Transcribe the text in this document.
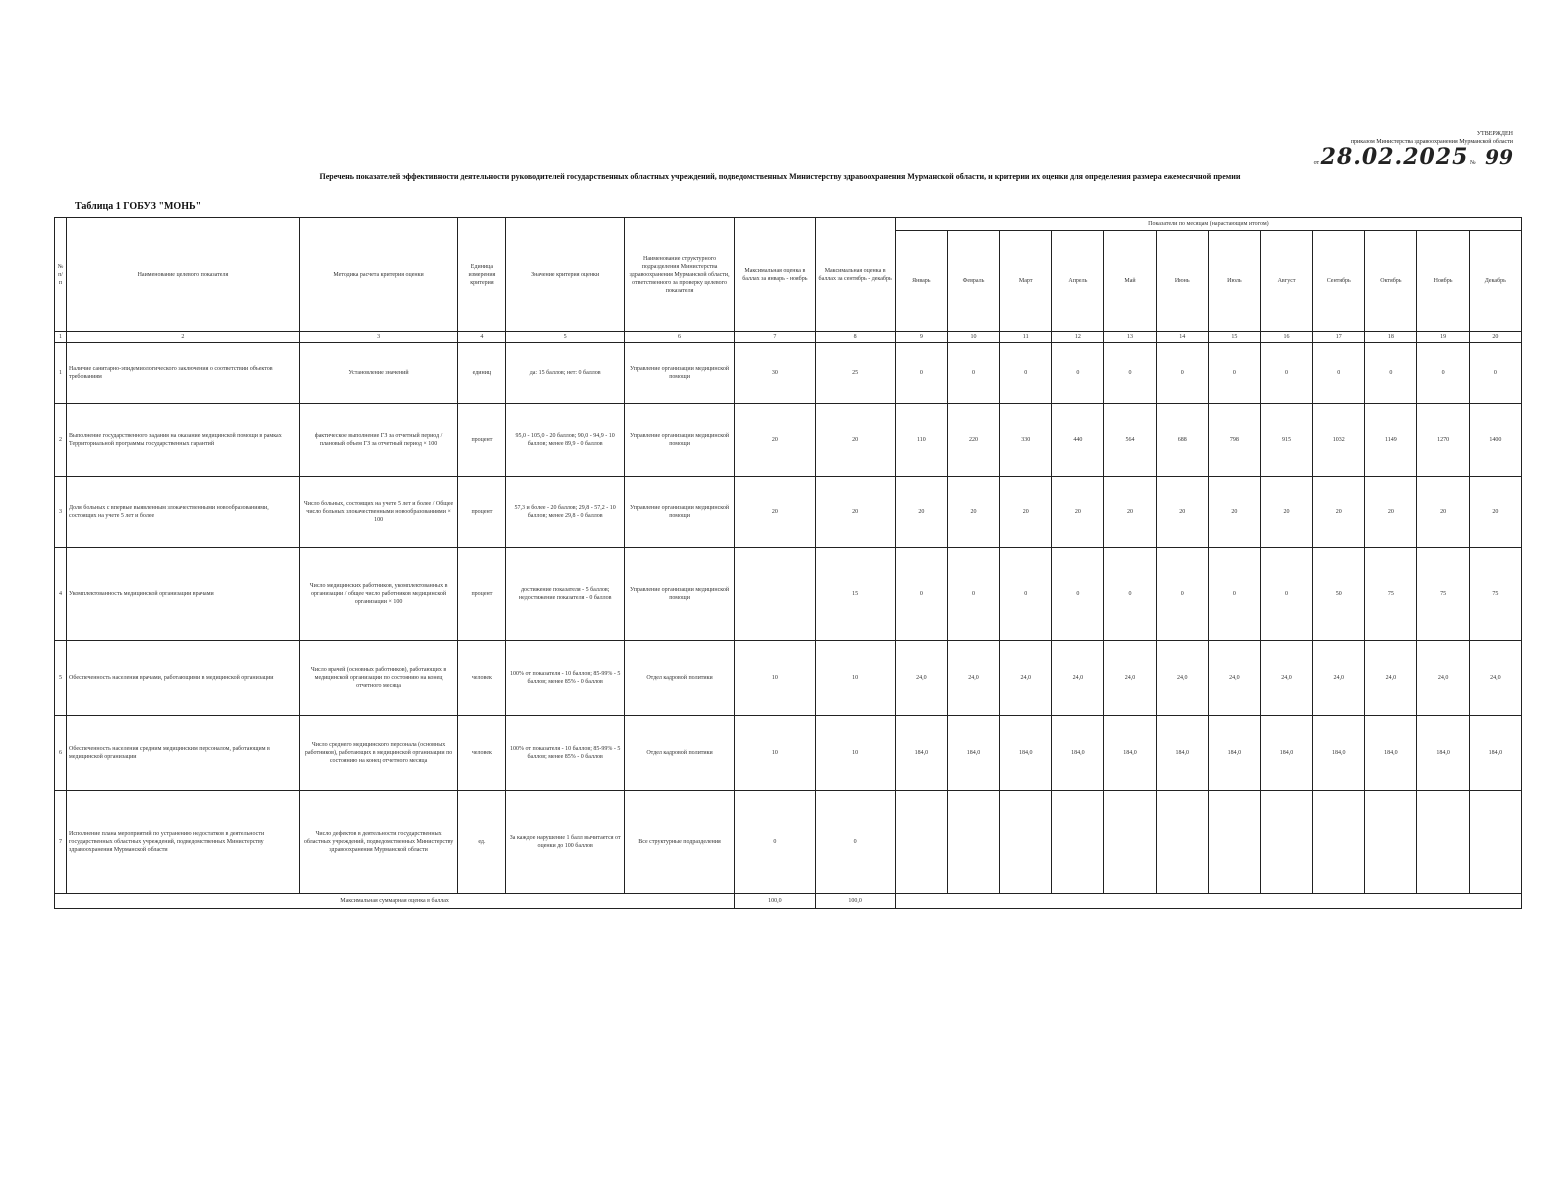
УТВЕРЖДЕН
приказом Министерства здравоохранения Мурманской области
от 28.02.2025 № 99
Перечень показателей эффективности деятельности руководителей государственных областных учреждений, подведомственных Министерству здравоохранения Мурманской области, и критерии их оценки для определения размера ежемесячной премии
Таблица 1 ГОБУЗ "МОНЬ"
№ п/п	Наименование целевого показателя	Методика расчета критерия оценки	Единица измерения критерия	Значение критерия оценки	Наименование структурного подразделения Министерства здравоохранения Мурманской области, ответственного за проверку целевого показателя	Максимальная оценка в баллах за январь - ноябрь	Максимальная оценка в баллах за сентябрь - декабрь	Показатели по месяцам (нарастающим итогом)											
								Январь	Февраль	Март	Апрель	Май	Июнь	Июль	Август	Сентябрь	Октябрь	Ноябрь	Декабрь
1	2	3	4	5	6	7	8	9	10	11	12	13	14	15	16	17	18	19	20
1	Наличие санитарно-эпидемиологического заключения о соответствии объектов требованиям	Установление значений	единиц	да: 15 баллов; нет: 0 баллов	Управление организации медицинской помощи	30	25	0	0	0	0	0	0	0	0	0	0	0	0
2	Выполнение государственного задания на оказание медицинской помощи в рамках Территориальной программы государственных гарантий	фактическое выполнение ГЗ за отчетный период / плановый объем ГЗ за отчетный период × 100	процент	95,0 - 105,0 - 20 баллов; 90,0 - 94,9 - 10 баллов; менее 89,9 - 0 баллов	Управление организации медицинской помощи	20	20	110	220	330	440	564	688	798	915	1032	1149	1270	1400
3	Доля больных с впервые выявленным злокачественными новообразованиями, состоящих на учете 5 лет и более	Число больных, состоящих на учете 5 лет и более / Общее число больных злокачественными новообразованиями × 100	процент	57,3 и более - 20 баллов; 29,8 - 57,2 - 10 баллов; менее 29,8 - 0 баллов	Управление организации медицинской помощи	20	20	20	20	20	20	20	20	20	20	20	20	20	20
4	Укомплектованность медицинской организации врачами	Число медицинских работников, укомплектованных в организации / общее число работников медицинской организации × 100	процент	достижение показателя - 5 баллов; недостижение показателя - 0 баллов	Управление организации медицинской помощи		15	0	0	0	0	0	0	0	0	50	75	75	75
5	Обеспеченность населения врачами, работающими в медицинской организации	Число врачей (основных работников), работающих в медицинской организации по состоянию на конец отчетного месяца	человек	100% от показателя - 10 баллов; 85-99% - 5 баллов; менее 85% - 0 баллов	Отдел кадровой политики	10	10	24,0	24,0	24,0	24,0	24,0	24,0	24,0	24,0	24,0	24,0	24,0	24,0
6	Обеспеченность населения средним медицинским персоналом, работающим в медицинской организации	Число среднего медицинского персонала (основных работников), работающих в медицинской организации по состоянию на конец отчетного месяца	человек	100% от показателя - 10 баллов; 85-99% - 5 баллов; менее 85% - 0 баллов	Отдел кадровой политики	10	10	184,0	184,0	184,0	184,0	184,0	184,0	184,0	184,0	184,0	184,0	184,0	184,0
7	Исполнение плана мероприятий по устранению недостатков в деятельности государственных областных учреждений, подведомственных Министерству здравоохранения Мурманской области	Число дефектов в деятельности государственных областных учреждений, подведомственных Министерству здравоохранения Мурманской области	ед.	За каждое нарушение 1 балл вычитается от оценки до 100 баллов	Все структурные подразделения	0	0												
Максимальная суммарная оценка в баллах						100,0	100,0												
